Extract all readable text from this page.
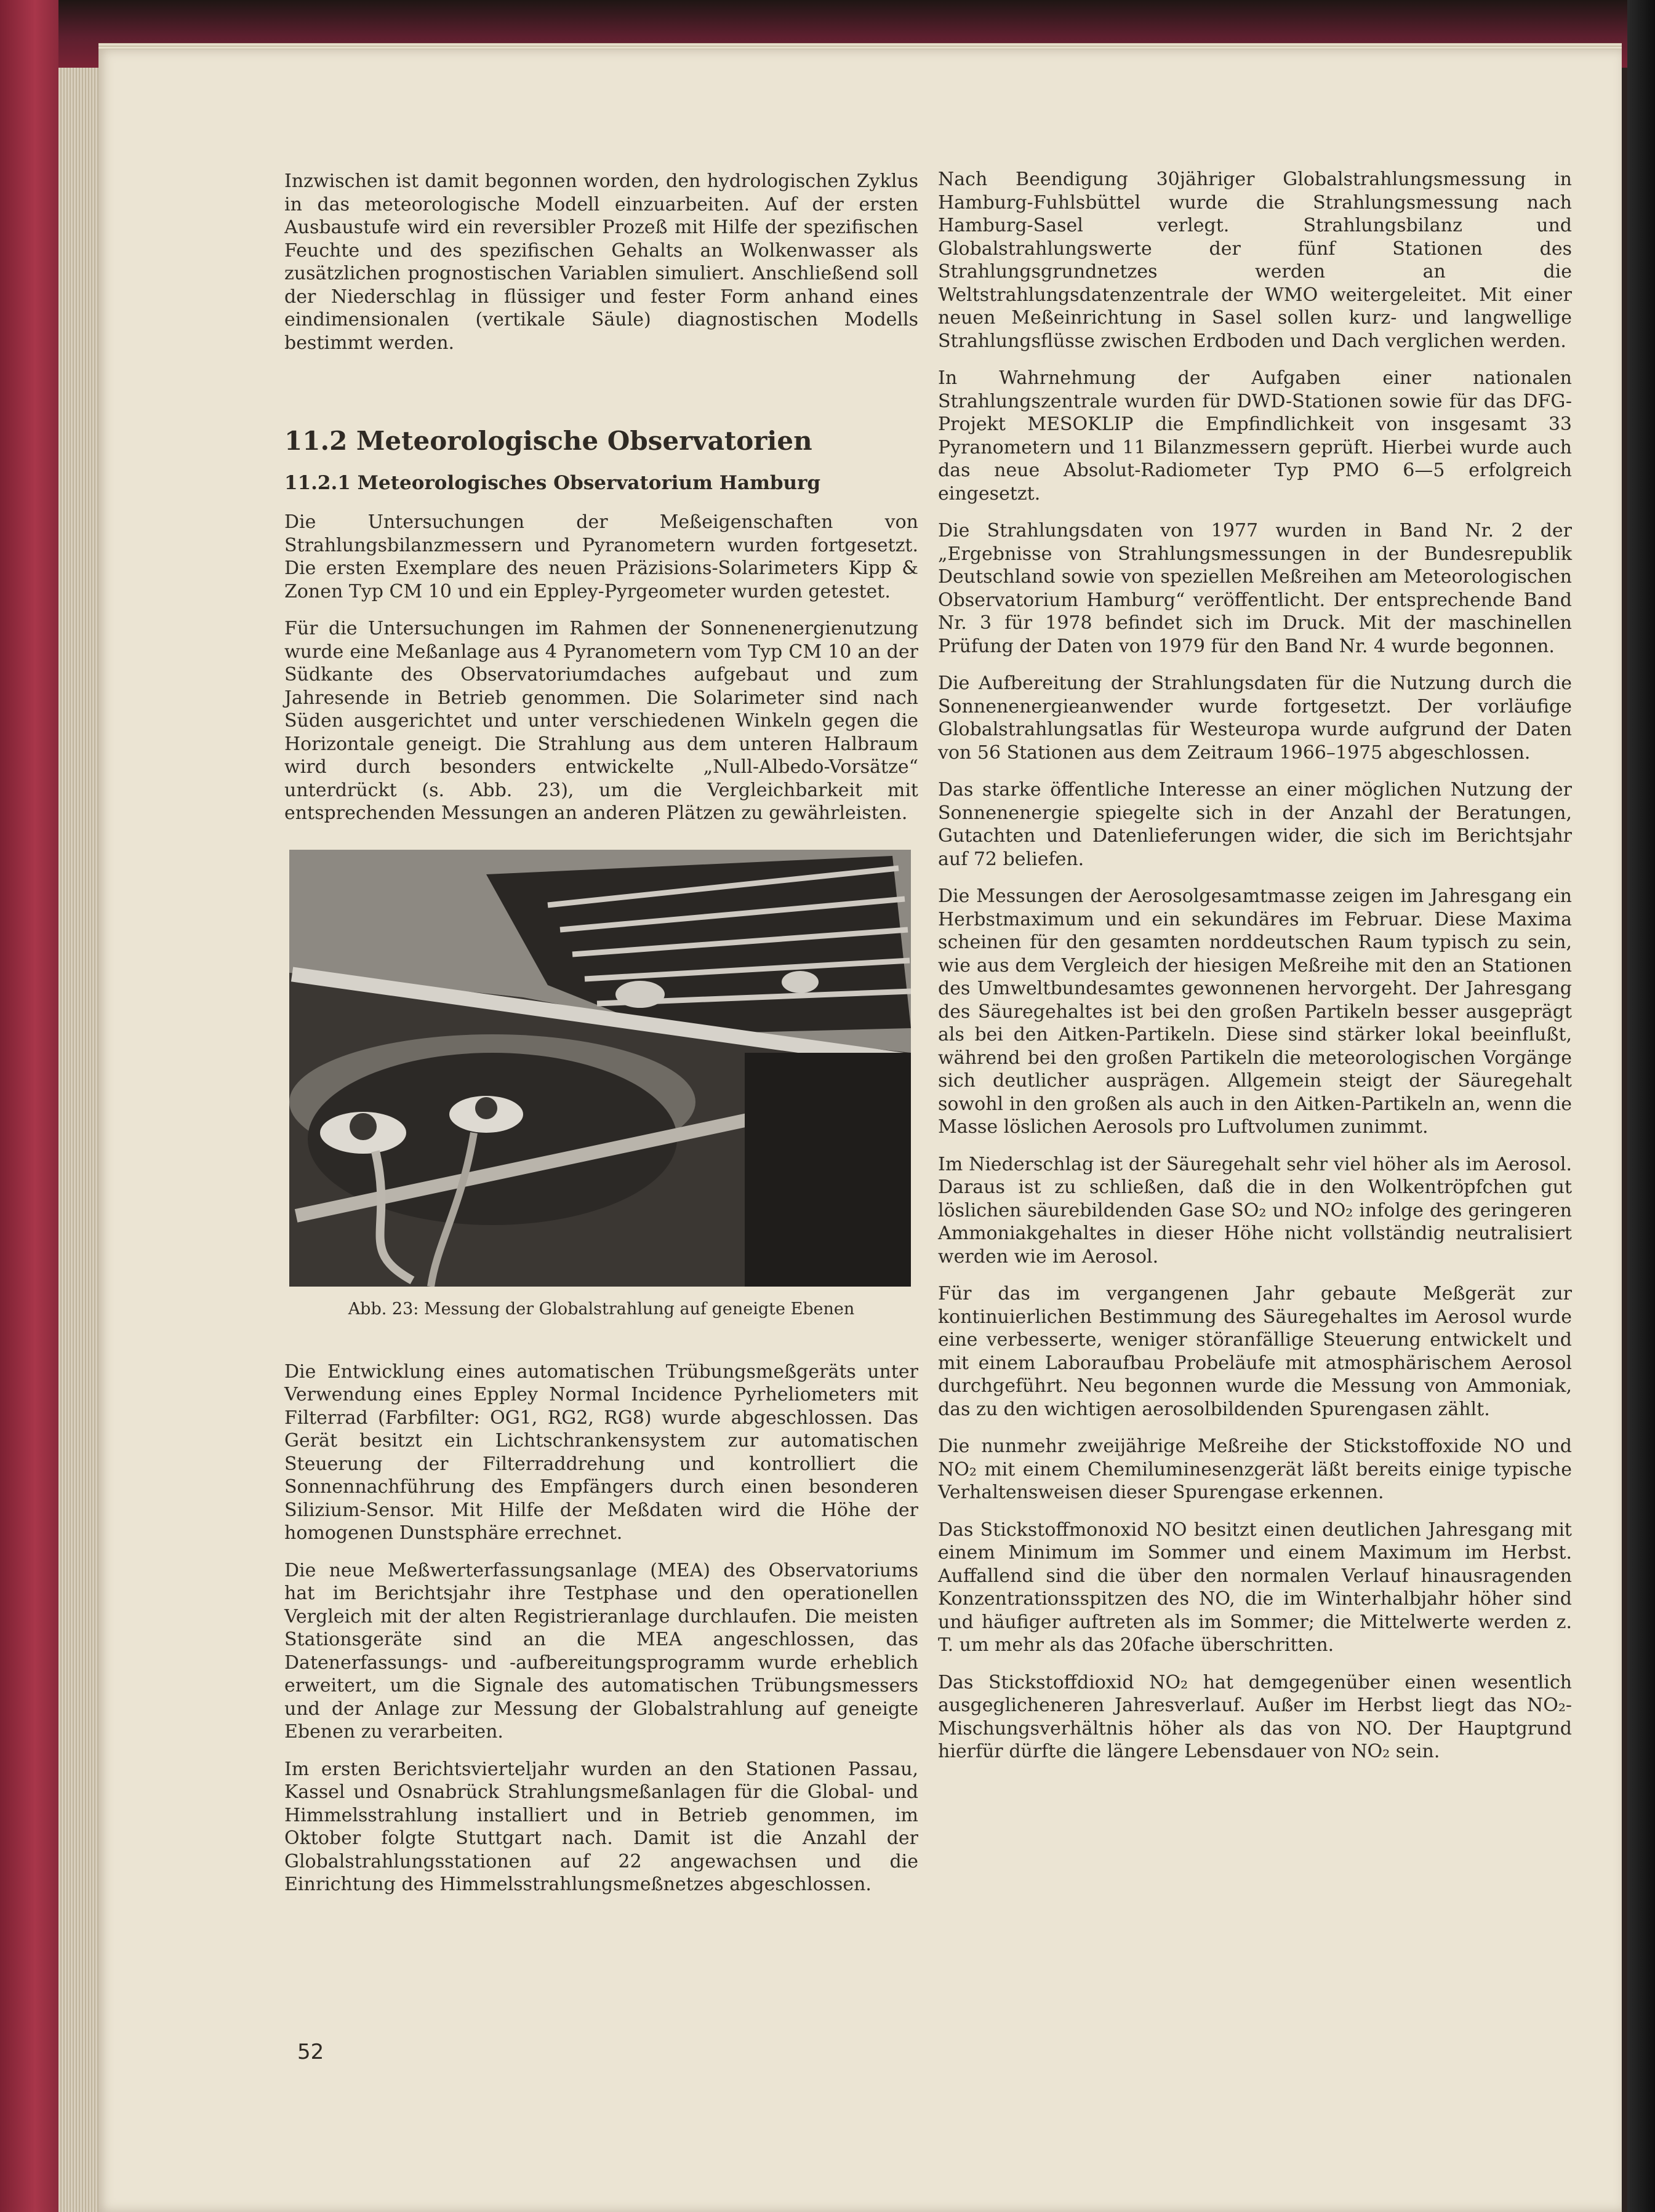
Inzwischen ist damit begonnen worden, den hydrologischen Zyklus in das meteorologische Modell einzuarbeiten. Auf der ersten Ausbaustufe wird ein reversibler Prozeß mit Hilfe der spezifischen Feuchte und des spezifischen Gehalts an Wolkenwasser als zusätzlichen prognostischen Variablen simuliert. Anschließend soll der Niederschlag in flüssiger und fester Form anhand eines eindimensionalen (vertikale Säule) diagnostischen Modells bestimmt werden.

11.2 Meteorologische Observatorien
11.2.1 Meteorologisches Observatorium Hamburg

Die Untersuchungen der Meßeigenschaften von Strahlungsbilanzmessern und Pyranometern wurden fortgesetzt. Die ersten Exemplare des neuen Präzisions-Solarimeters Kipp & Zonen Typ CM 10 und ein Eppley-Pyrgeometer wurden getestet.

Für die Untersuchungen im Rahmen der Sonnenenergienutzung wurde eine Meßanlage aus 4 Pyranometern vom Typ CM 10 an der Südkante des Observatoriumdaches aufgebaut und zum Jahresende in Betrieb genommen. Die Solarimeter sind nach Süden ausgerichtet und unter verschiedenen Winkeln gegen die Horizontale geneigt. Die Strahlung aus dem unteren Halbraum wird durch besonders entwickelte „Null-Albedo-Vorsätze“ unterdrückt (s. Abb. 23), um die Vergleichbarkeit mit entsprechenden Messungen an anderen Plätzen zu gewährleisten.

Abb. 23: Messung der Globalstrahlung auf geneigte Ebenen

Die Entwicklung eines automatischen Trübungsmeßgeräts unter Verwendung eines Eppley Normal Incidence Pyrheliometers mit Filterrad (Farbfilter: OG1, RG2, RG8) wurde abgeschlossen. Das Gerät besitzt ein Lichtschrankensystem zur automatischen Steuerung der Filterraddrehung und kontrolliert die Sonnennachführung des Empfängers durch einen besonderen Silizium-Sensor. Mit Hilfe der Meßdaten wird die Höhe der homogenen Dunstsphäre errechnet.

Die neue Meßwerterfassungsanlage (MEA) des Observatoriums hat im Berichtsjahr ihre Testphase und den operationellen Vergleich mit der alten Registrieranlage durchlaufen. Die meisten Stationsgeräte sind an die MEA angeschlossen, das Datenerfassungs- und -aufbereitungsprogramm wurde erheblich erweitert, um die Signale des automatischen Trübungsmessers und der Anlage zur Messung der Globalstrahlung auf geneigte Ebenen zu verarbeiten.

Im ersten Berichtsvierteljahr wurden an den Stationen Passau, Kassel und Osnabrück Strahlungsmeßanlagen für die Global- und Himmelsstrahlung installiert und in Betrieb genommen, im Oktober folgte Stuttgart nach. Damit ist die Anzahl der Globalstrahlungsstationen auf 22 angewachsen und die Einrichtung des Himmelsstrahlungsmeßnetzes abgeschlossen.

Nach Beendigung 30jähriger Globalstrahlungsmessung in Hamburg-Fuhlsbüttel wurde die Strahlungsmessung nach Hamburg-Sasel verlegt. Strahlungsbilanz und Globalstrahlungswerte der fünf Stationen des Strahlungsgrundnetzes werden an die Weltstrahlungsdatenzentrale der WMO weitergeleitet. Mit einer neuen Meßeinrichtung in Sasel sollen kurz- und langwellige Strahlungsflüsse zwischen Erdboden und Dach verglichen werden.

In Wahrnehmung der Aufgaben einer nationalen Strahlungszentrale wurden für DWD-Stationen sowie für das DFG-Projekt MESOKLIP die Empfindlichkeit von insgesamt 33 Pyranometern und 11 Bilanzmessern geprüft. Hierbei wurde auch das neue Absolut-Radiometer Typ PMO 6—5 erfolgreich eingesetzt.

Die Strahlungsdaten von 1977 wurden in Band Nr. 2 der „Ergebnisse von Strahlungsmessungen in der Bundesrepublik Deutschland sowie von speziellen Meßreihen am Meteorologischen Observatorium Hamburg“ veröffentlicht. Der entsprechende Band Nr. 3 für 1978 befindet sich im Druck. Mit der maschinellen Prüfung der Daten von 1979 für den Band Nr. 4 wurde begonnen.

Die Aufbereitung der Strahlungsdaten für die Nutzung durch die Sonnenenergieanwender wurde fortgesetzt. Der vorläufige Globalstrahlungsatlas für Westeuropa wurde aufgrund der Daten von 56 Stationen aus dem Zeitraum 1966–1975 abgeschlossen.

Das starke öffentliche Interesse an einer möglichen Nutzung der Sonnenenergie spiegelte sich in der Anzahl der Beratungen, Gutachten und Datenlieferungen wider, die sich im Berichtsjahr auf 72 beliefen.

Die Messungen der Aerosolgesamtmasse zeigen im Jahresgang ein Herbstmaximum und ein sekundäres im Februar. Diese Maxima scheinen für den gesamten norddeutschen Raum typisch zu sein, wie aus dem Vergleich der hiesigen Meßreihe mit den an Stationen des Umweltbundesamtes gewonnenen hervorgeht. Der Jahresgang des Säuregehaltes ist bei den großen Partikeln besser ausgeprägt als bei den Aitken-Partikeln. Diese sind stärker lokal beeinflußt, während bei den großen Partikeln die meteorologischen Vorgänge sich deutlicher ausprägen. Allgemein steigt der Säuregehalt sowohl in den großen als auch in den Aitken-Partikeln an, wenn die Masse löslichen Aerosols pro Luftvolumen zunimmt.

Im Niederschlag ist der Säuregehalt sehr viel höher als im Aerosol. Daraus ist zu schließen, daß die in den Wolkentröpfchen gut löslichen säurebildenden Gase SO₂ und NO₂ infolge des geringeren Ammoniakgehaltes in dieser Höhe nicht vollständig neutralisiert werden wie im Aerosol.

Für das im vergangenen Jahr gebaute Meßgerät zur kontinuierlichen Bestimmung des Säuregehaltes im Aerosol wurde eine verbesserte, weniger störanfällige Steuerung entwickelt und mit einem Laboraufbau Probeläufe mit atmosphärischem Aerosol durchgeführt. Neu begonnen wurde die Messung von Ammoniak, das zu den wichtigen aerosolbildenden Spurengasen zählt.

Die nunmehr zweijährige Meßreihe der Stickstoffoxide NO und NO₂ mit einem Chemiluminesenzgerät läßt bereits einige typische Verhaltensweisen dieser Spurengase erkennen.

Das Stickstoffmonoxid NO besitzt einen deutlichen Jahresgang mit einem Minimum im Sommer und einem Maximum im Herbst. Auffallend sind die über den normalen Verlauf hinausragenden Konzentrationsspitzen des NO, die im Winterhalbjahr höher sind und häufiger auftreten als im Sommer; die Mittelwerte werden z. T. um mehr als das 20fache überschritten.

Das Stickstoffdioxid NO₂ hat demgegenüber einen wesentlich ausgeglicheneren Jahresverlauf. Außer im Herbst liegt das NO₂-Mischungsverhältnis höher als das von NO. Der Hauptgrund hierfür dürfte die längere Lebensdauer von NO₂ sein.

52
